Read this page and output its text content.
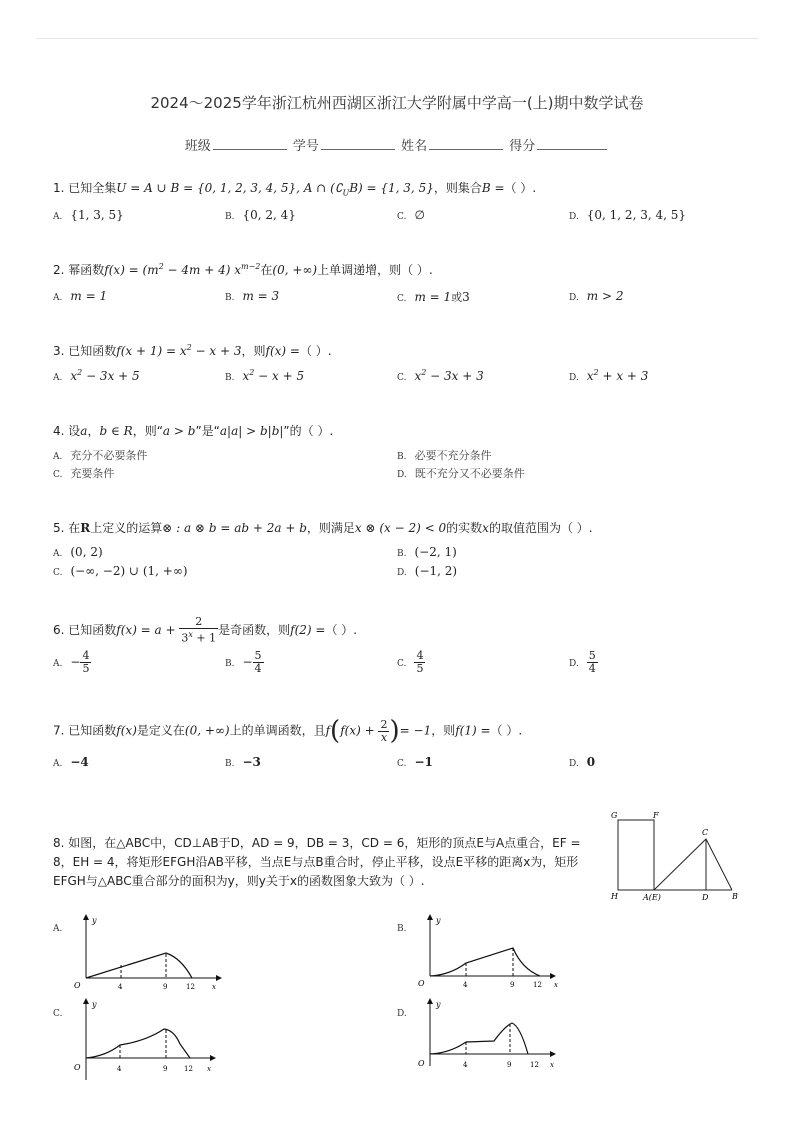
2024～2025学年浙江杭州西湖区浙江大学附属中学高一(上)期中数学试卷
班级	学号	姓名	得分
1. 已知全集U = A ∪ B = {0, 1, 2, 3, 4, 5}, A ∩ $(∁_UB) = \{1$, 3, 5}，则集合B =（ ）.
A. {1, 3, 5}	B. {0, 2, 4}	C. ∅	D. {0, 1, 2, 3, 4, 5}
2. 幂函数$f(x) = (m^2 - 4m + 4)$ $x^{m-2}$在(0, +∞)上单调递增，则（ ）.
A. m = 1	B. m = 3	C. m = 1或3	D. m > 2
3. 已知函数$f(x + 1) = x^2 - x + 3$，则f(x) =（ ）.
A. $x^2 - 3x + 5$	B. $x^2 - x + 5$	C. $x^2 - 3x + 3$	D. $x^2 + x + 3$
4. 设a，b ∈ R，则“a > b”是“a|a| > b|b|”的（ ）.
A. 充分不必要条件	B. 必要不充分条件
C. 充要条件	D. 既不充分又不必要条件
5. 在R上定义的运算⊗ : a ⊗ b = ab + 2a + b，则满足x ⊗ (x − 2) < 0的实数x的取值范围为（ ）.
A. (0, 2)	B. (−2, 1)
C. (−∞, −2) ∪ (1, +∞)	D. (−1, 2)
6. 已知函数$f(x) = a + \frac{2}{3^x + 1}$ 是奇函数，则f(2) =（ ）.
A. − $\frac{4}{5}$	B. − $\frac{5}{4}$	C. $\frac{4}{5}$	D. $\frac{5}{4}$
7. 已知函数f(x)是定义在(0, +∞)上的单调函数，且$f(f(x) + \frac{2}{x}$ )= −1，则f(1) =（ ）.
A. −4	B. −3	C. −1	D. 0
8. 如图，在△ABC中，CD⊥AB于D，AD = 9，DB = 3，CD = 6，矩形的顶点E与A点重合，EF = 8，EH = 4，将矩形EFGH沿AB平移，当点E与点B重合时，停止平移，设点E平移的距离x为，矩形EFGH与△ABC重合部分的面积为y，则y关于x的函数图象大致为（ ）.
G	F
C
H	A(E)	D	B
A.
y
O	4	9	12 x
B.
y
O	4	9	12 x
C.
y
O	4	9 12 x
D.
y
O	4	9	12 x
